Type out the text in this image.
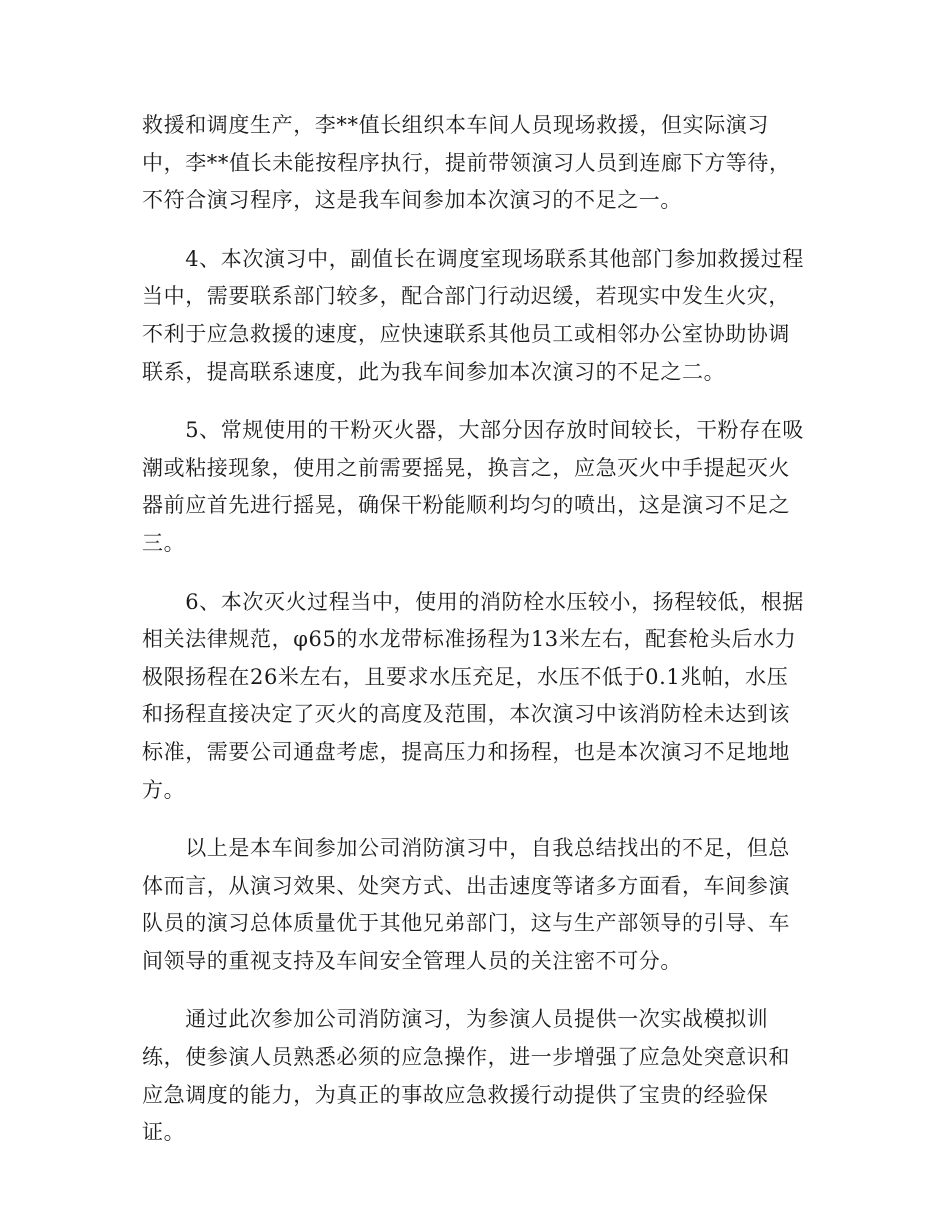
救援和调度生产，李**值长组织本车间人员现场救援，但实际演习
中，李**值长未能按程序执行，提前带领演习人员到连廊下方等待，
不符合演习程序，这是我车间参加本次演习的不足之一。

　　4、本次演习中，副值长在调度室现场联系其他部门参加救援过程
当中，需要联系部门较多，配合部门行动迟缓，若现实中发生火灾，
不利于应急救援的速度，应快速联系其他员工或相邻办公室协助协调
联系，提高联系速度，此为我车间参加本次演习的不足之二。

　　5、常规使用的干粉灭火器，大部分因存放时间较长，干粉存在吸
潮或粘接现象，使用之前需要摇晃，换言之，应急灭火中手提起灭火
器前应首先进行摇晃，确保干粉能顺利均匀的喷出，这是演习不足之
三。

　　6、本次灭火过程当中，使用的消防栓水压较小，扬程较低，根据
相关法律规范，φ65的水龙带标准扬程为13米左右，配套枪头后水力
极限扬程在26米左右，且要求水压充足，水压不低于0.1兆帕，水压
和扬程直接决定了灭火的高度及范围，本次演习中该消防栓未达到该
标准，需要公司通盘考虑，提高压力和扬程，也是本次演习不足地地
方。

　　以上是本车间参加公司消防演习中，自我总结找出的不足，但总
体而言，从演习效果、处突方式、出击速度等诸多方面看，车间参演
队员的演习总体质量优于其他兄弟部门，这与生产部领导的引导、车
间领导的重视支持及车间安全管理人员的关注密不可分。

　　通过此次参加公司消防演习，为参演人员提供一次实战模拟训
练，使参演人员熟悉必须的应急操作，进一步增强了应急处突意识和
应急调度的能力，为真正的事故应急救援行动提供了宝贵的经验保
证。
